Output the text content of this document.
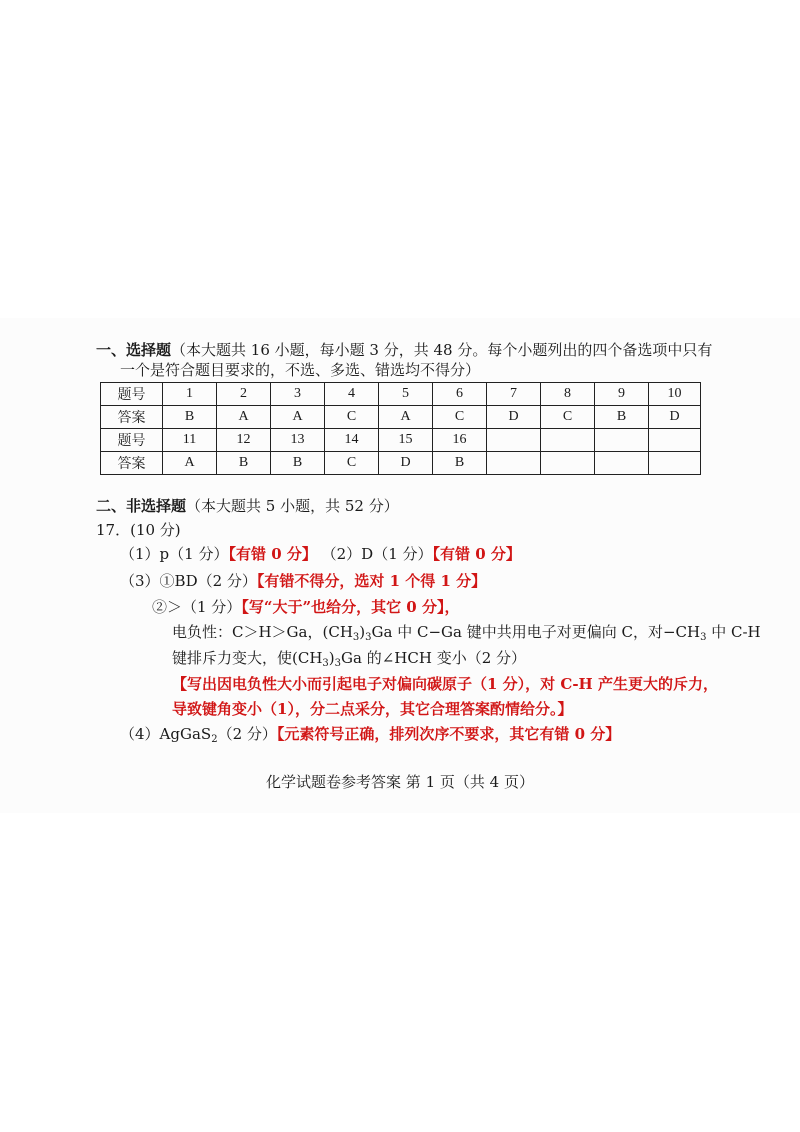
一、选择题（本大题共 16 小题，每小题 3 分，共 48 分。每个小题列出的四个备选项中只有
一个是符合题目要求的，不选、多选、错选均不得分）
题号	1	2	3	4	5	6	7	8	9	10
答案	B	A	A	C	A	C	D	C	B	D
题号	11	12	13	14	15	16				
答案	A	B	B	C	D	B				
二、非选择题（本大题共 5 小题，共 52 分）
17．(10 分)
（1）p（1 分）【有错 0 分】 （2）D（1 分）【有错 0 分】
（3）①BD（2 分）【有错不得分，选对 1 个得 1 分】
②＞（1 分）【写“大于”也给分，其它 0 分】，
电负性：C＞H＞Ga，$(CH_3)_3Ga$ 中 C−Ga 键中共用电子对更偏向 C，对$-CH_3$ 中 C-H
键排斥力变大，使$(CH_3)_3Ga$ 的∠HCH 变小（2 分）
【写出因电负性大小而引起电子对偏向碳原子（1 分），对 C-H 产生更大的斥力，
导致键角变小（1），分二点采分，其它合理答案酌情给分。】
（4）AgGaS$_2$（2 分）【元素符号正确，排列次序不要求，其它有错 0 分】
化学试题卷参考答案 第 1 页（共 4 页）
